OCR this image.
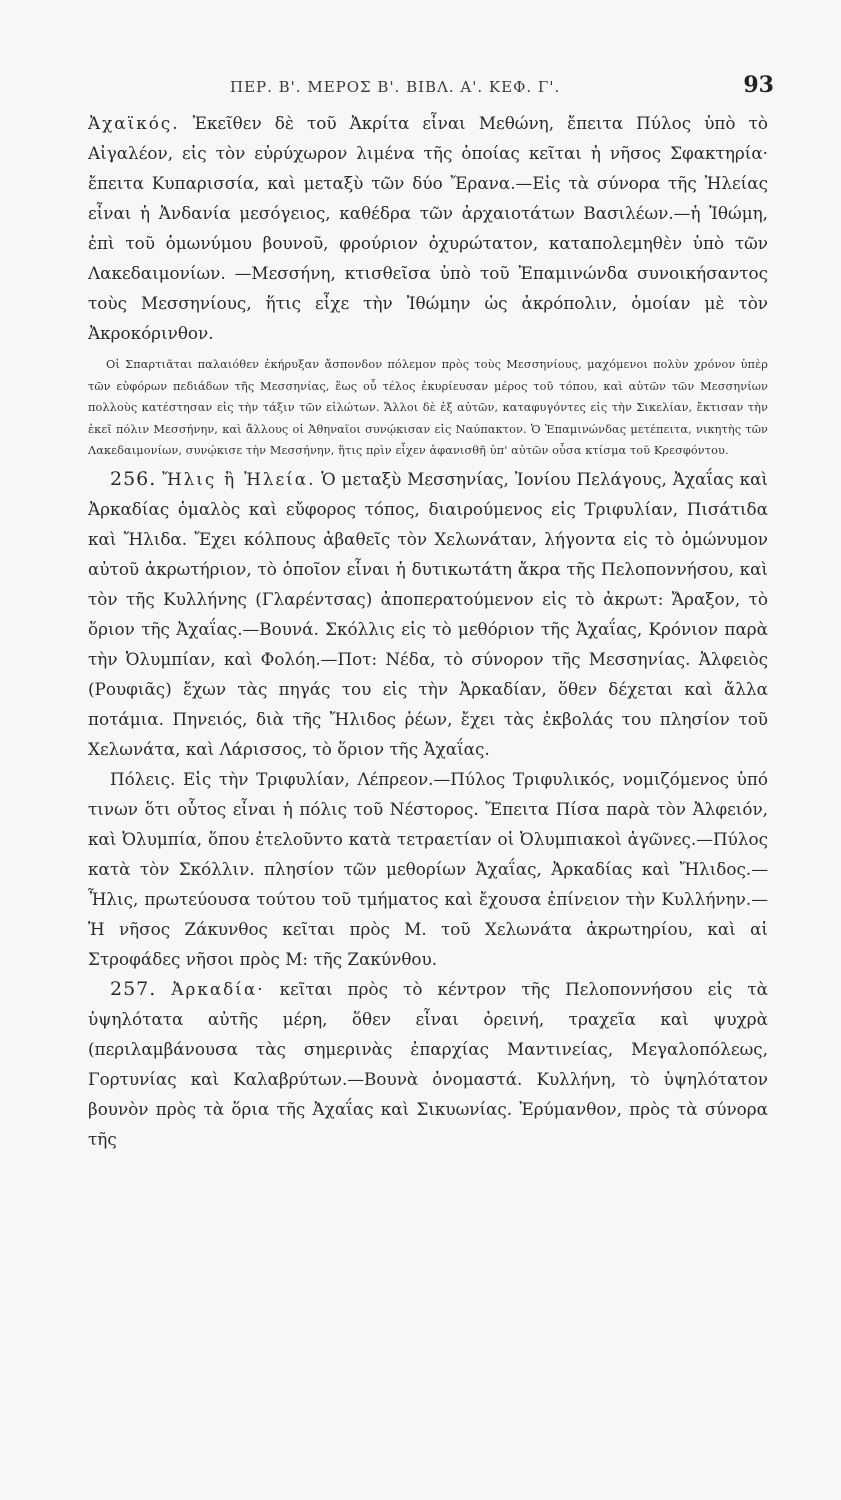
ΠΕΡ. Β'. ΜΕΡΟΣ Β'. ΒΙΒΛ. Α'. ΚΕΦ. Γ'.	93

Ἀχαϊκός. Ἐκεῖθεν δὲ τοῦ Ἀκρίτα εἶναι Μεθώνη, ἔπειτα Πύλος ὑπὸ τὸ Αἰγαλέον, εἰς τὸν εὐρύχωρον λιμένα τῆς ὁποίας κεῖται ἡ νῆσος Σφακτηρία· ἔπειτα Κυπαρισσία, καὶ μεταξὺ τῶν δύο Ἔρανα.—Εἰς τὰ σύνορα τῆς Ἠλείας εἶναι ἡ Ἀνδανία μεσόγειος, καθέδρα τῶν ἀρχαιοτάτων Βασιλέων.—ἡ Ἰθώμη, ἐπὶ τοῦ ὁμωνύμου βουνοῦ, φρούριον ὀχυρώτατον, καταπολεμηθὲν ὑπὸ τῶν Λακεδαιμονίων. —Μεσσήνη, κτισθεῖσα ὑπὸ τοῦ Ἐπαμινώνδα συνοικήσαντος τοὺς Μεσσηνίους, ἥτις εἶχε τὴν Ἰθώμην ὡς ἀκρόπολιν, ὁμοίαν μὲ τὸν Ἀκροκόρινθον.

Οἱ Σπαρτιᾶται παλαιόθεν ἐκήρυξαν ἄσπονδον πόλεμον πρὸς τοὺς Μεσσηνίους, μαχόμενοι πολὺν χρόνον ὑπὲρ τῶν εὐφόρων πεδιάδων τῆς Μεσσηνίας, ἕως οὗ τέλος ἐκυρίευσαν μέρος τοῦ τόπου, καὶ αὐτῶν τῶν Μεσσηνίων πολλοὺς κατέστησαν εἰς τὴν τάξιν τῶν εἱλώτων. Ἄλλοι δὲ ἐξ αὐτῶν, καταφυγόντες εἰς τὴν Σικελίαν, ἔκτισαν τὴν ἐκεῖ πόλιν Μεσσήνην, καὶ ἄλλους οἱ Ἀθηναῖοι συνῴκισαν εἰς Ναύπακτον. Ὁ Ἐπαμινώνδας μετέπειτα, νικητὴς τῶν Λακεδαιμονίων, συνῴκισε τὴν Μεσσήνην, ἥτις πρὶν εἶχεν ἀφανισθῆ ὑπ' αὐτῶν οὖσα κτίσμα τοῦ Κρεσφόντου.

256. Ἤλις ἢ Ἠλεία. Ὁ μεταξὺ Μεσσηνίας, Ἰονίου Πελάγους, Ἀχαΐας καὶ Ἀρκαδίας ὁμαλὸς καὶ εὔφορος τόπος, διαιρούμενος εἰς Τριφυλίαν, Πισάτιδα καὶ Ἤλιδα. Ἔχει κόλπους ἀβαθεῖς τὸν Χελωνάταν, λήγοντα εἰς τὸ ὁμώνυμον αὐτοῦ ἀκρωτήριον, τὸ ὁποῖον εἶναι ἡ δυτικωτάτη ἄκρα τῆς Πελοποννήσου, καὶ τὸν τῆς Κυλλήνης (Γλαρέντσας) ἀποπερατούμενον εἰς τὸ ἀκρωτ: Ἄραξον, τὸ ὅριον τῆς Ἀχαΐας.—Βουνά. Σκόλλις εἰς τὸ μεθόριον τῆς Ἀχαΐας, Κρόνιον παρὰ τὴν Ὀλυμπίαν, καὶ Φολόη.—Ποτ: Νέδα, τὸ σύνορον τῆς Μεσσηνίας. Ἀλφειὸς (Ρουφιᾶς) ἔχων τὰς πηγάς του εἰς τὴν Ἀρκαδίαν, ὅθεν δέχεται καὶ ἄλλα ποτάμια. Πηνειός, διὰ τῆς Ἤλιδος ῥέων, ἔχει τὰς ἐκβολάς του πλησίον τοῦ Χελωνάτα, καὶ Λάρισσος, τὸ ὅριον τῆς Ἀχαΐας.

Πόλεις. Εἰς τὴν Τριφυλίαν, Λέπρεον.—Πύλος Τριφυλικός, νομιζόμενος ὑπό τινων ὅτι οὗτος εἶναι ἡ πόλις τοῦ Νέστορος. Ἔπειτα Πίσα παρὰ τὸν Ἀλφειόν, καὶ Ὀλυμπία, ὅπου ἐτελοῦντο κατὰ τετραετίαν οἱ Ὀλυμπιακοὶ ἀγῶνες.—Πύλος κατὰ τὸν Σκόλλιν. πλησίον τῶν μεθορίων Ἀχαΐας, Ἀρκαδίας καὶ Ἤλιδος.—Ἦλις, πρωτεύουσα τούτου τοῦ τμήματος καὶ ἔχουσα ἐπίνειον τὴν Κυλλήνην.—Ἡ νῆσος Ζάκυνθος κεῖται πρὸς Μ. τοῦ Χελωνάτα ἀκρωτηρίου, καὶ αἱ Στροφάδες νῆσοι πρὸς Μ: τῆς Ζακύνθου.

257. Ἀρκαδία· κεῖται πρὸς τὸ κέντρον τῆς Πελοποννήσου εἰς τὰ ὑψηλότατα αὐτῆς μέρη, ὅθεν εἶναι ὀρεινή, τραχεῖα καὶ ψυχρὰ (περιλαμβάνουσα τὰς σημερινὰς ἐπαρχίας Μαντινείας, Μεγαλοπόλεως, Γορτυνίας καὶ Καλαβρύτων.—Βουνὰ ὀνομαστά. Κυλλήνη, τὸ ὑψηλότατον βουνὸν πρὸς τὰ ὅρια τῆς Ἀχαΐας καὶ Σικυωνίας. Ἐρύμανθον, πρὸς τὰ σύνορα τῆς
